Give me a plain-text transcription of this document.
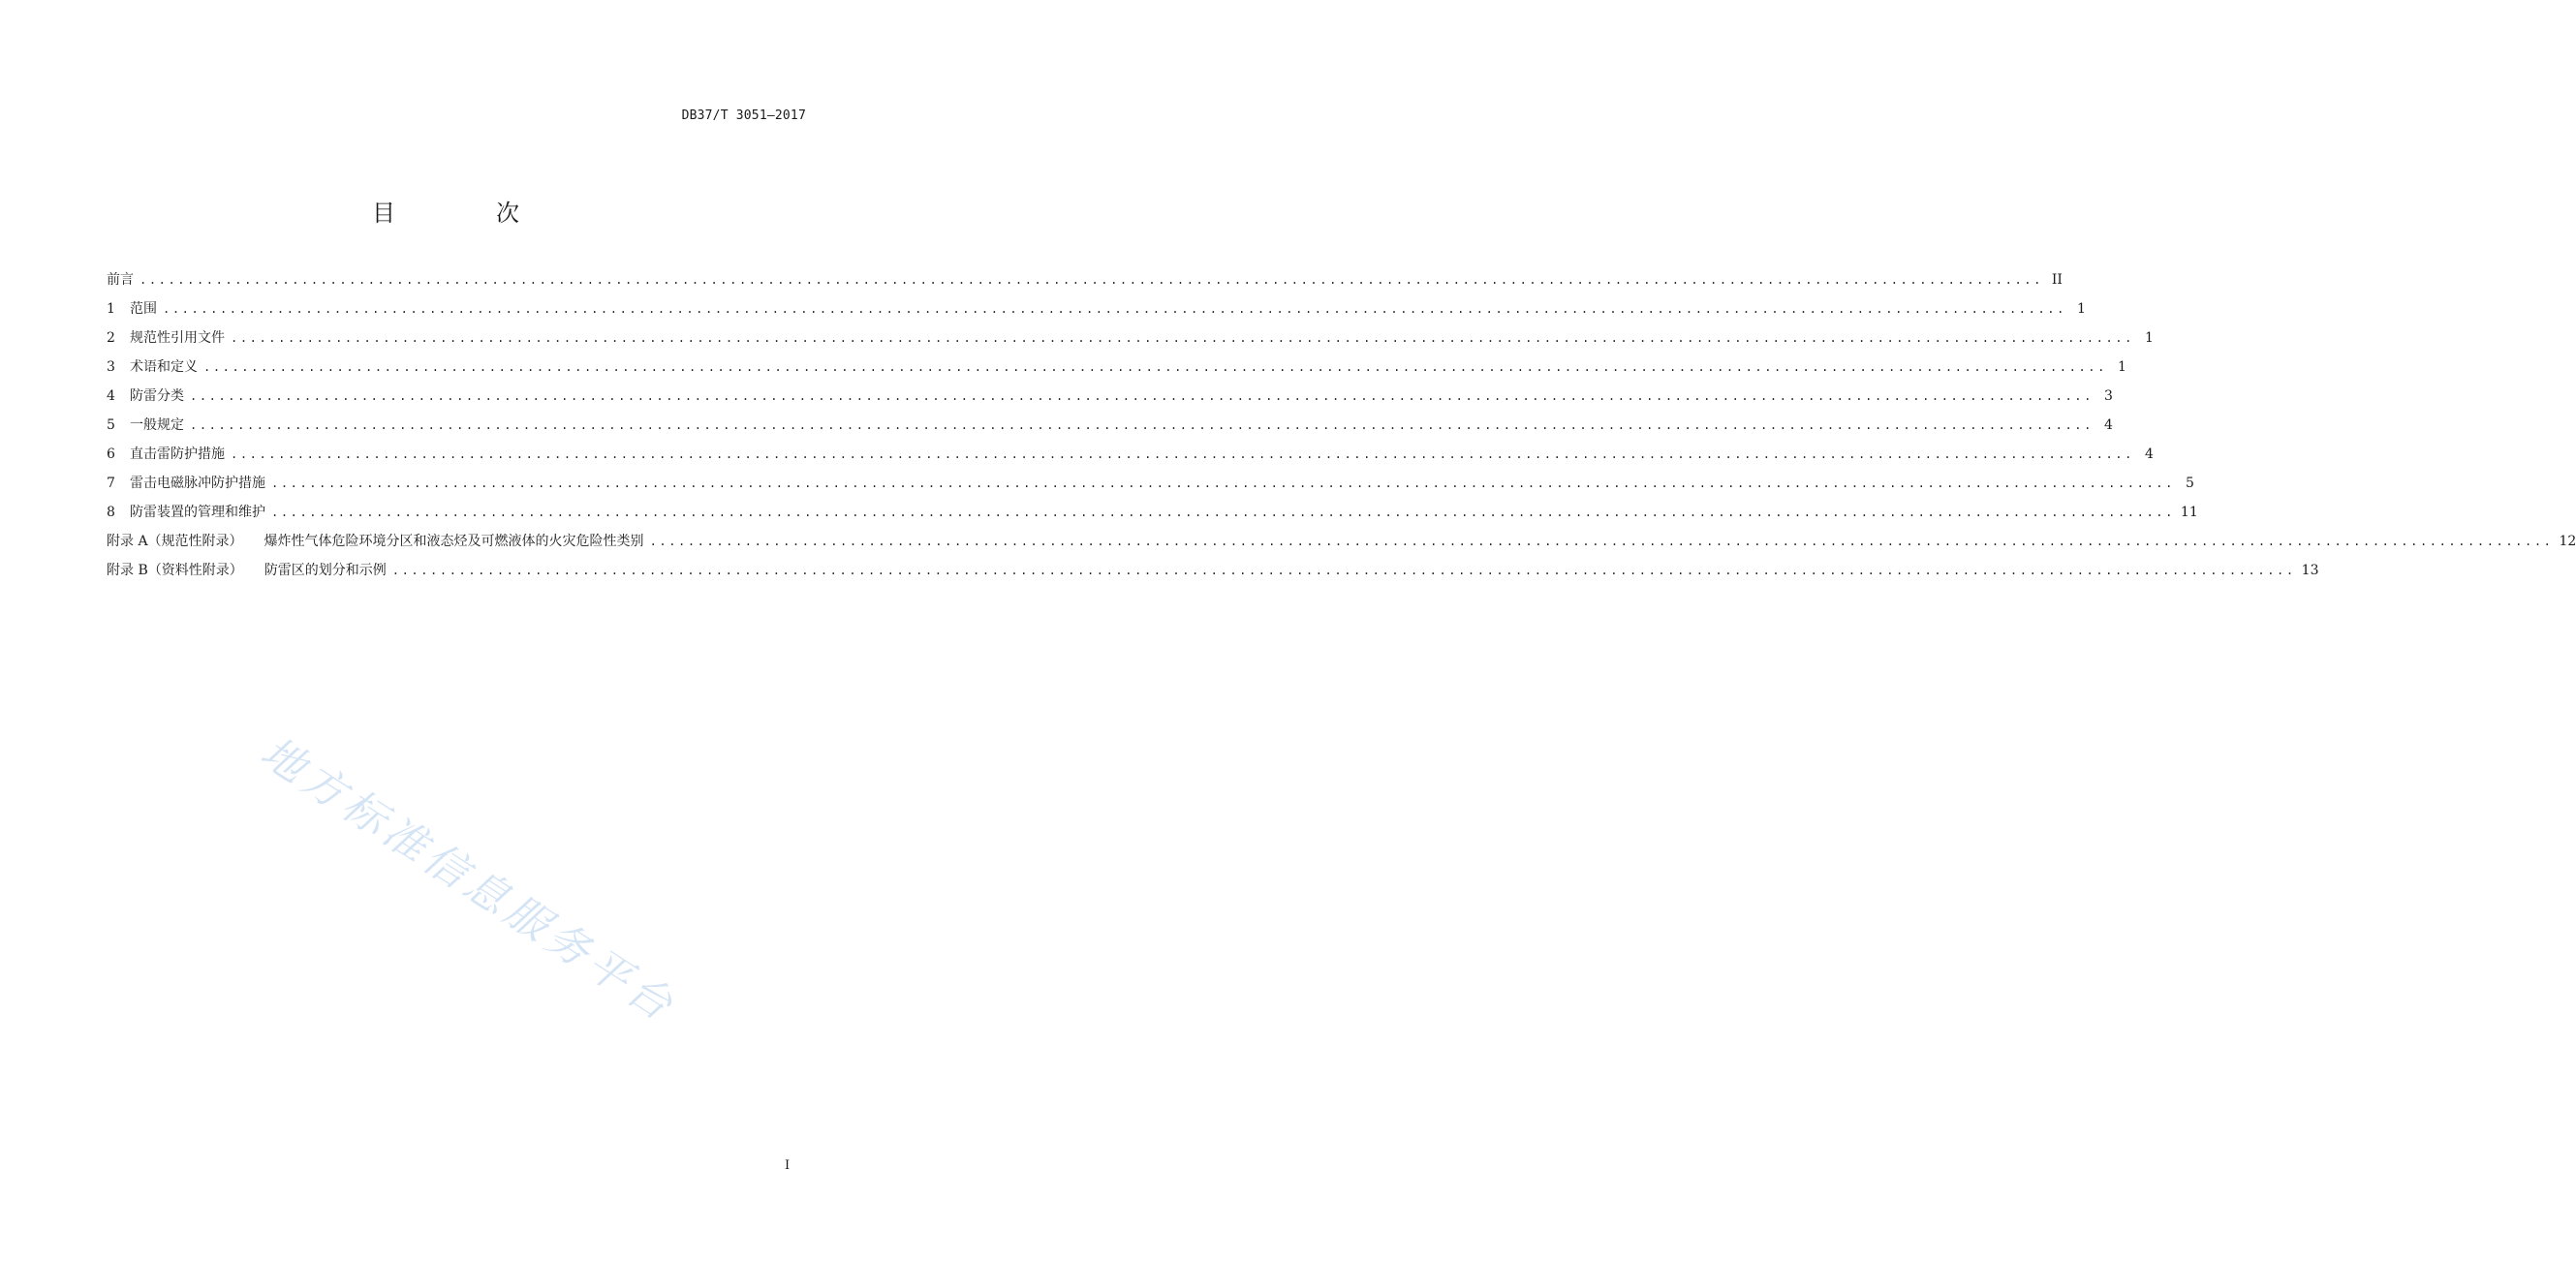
DB37/T 3051—2017
目　次
前言 ........................................................................................................................................................................................................ II
1	范围 ........................................................................................................................................................................................................ 1
2	规范性引用文件 ........................................................................................................................................................................................................ 1
3	术语和定义 ........................................................................................................................................................................................................ 1
4	防雷分类 ........................................................................................................................................................................................................ 3
5	一般规定 ........................................................................................................................................................................................................ 4
6	直击雷防护措施 ........................................................................................................................................................................................................ 4
7	雷击电磁脉冲防护措施 ........................................................................................................................................................................................................ 5
8	防雷装置的管理和维护 ........................................................................................................................................................................................................ 11
附录 A（规范性附录） 爆炸性气体危险环境分区和液态烃及可燃液体的火灾危险性类别 ........................................................................................................................................................................................................ 12
附录 B（资料性附录） 防雷区的划分和示例 ........................................................................................................................................................................................................ 13
地方标准信息服务平台
I
